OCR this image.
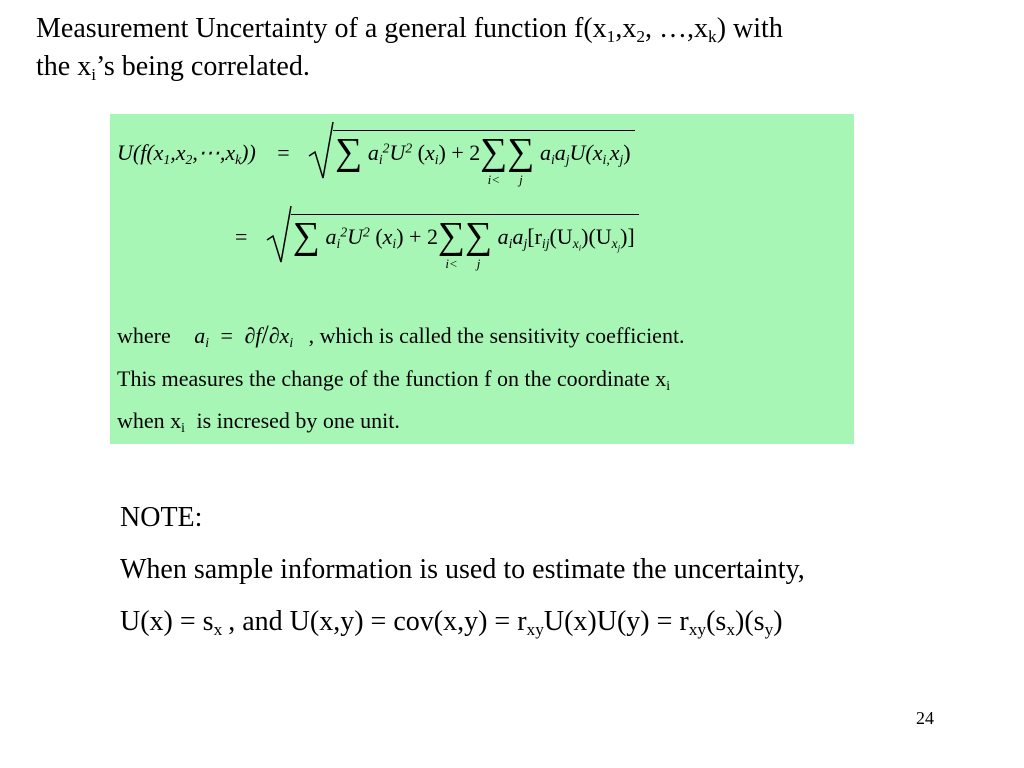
Measurement Uncertainty of a general function $f(x_1,x_2$, $\dots,x_k$) with
the $x_i’s$ being correlated.
$U(f(x_1,x_2,\cdots,x_k))$ = ∑ $a_i^2U^2$ $(x_i) + 2\sum$
i<
∑
j
$a_ia_jU(x_{i,}x_j)$
= ∑ $a_i^2U^2$ $(x_i) + 2\sum$
i<
∑
j
$a_ia_j[r_{ij}(U_{x_i})(U_{x_j})]$
where $a_i = \partial f/\partial x_i$ , which is called the sensitivity coefficient.
This measures the change of the function f on the coordinate $x_i$
when $x_i$ is incresed by one unit.
NOTE:
When sample information is used to estimate the uncertainty,
$U(x) = s_x$ , and $U(x,y) = cov(x,y) = r_{xy}U(x)U(y) = r_{xy}(s_x)(s_y)$
24
